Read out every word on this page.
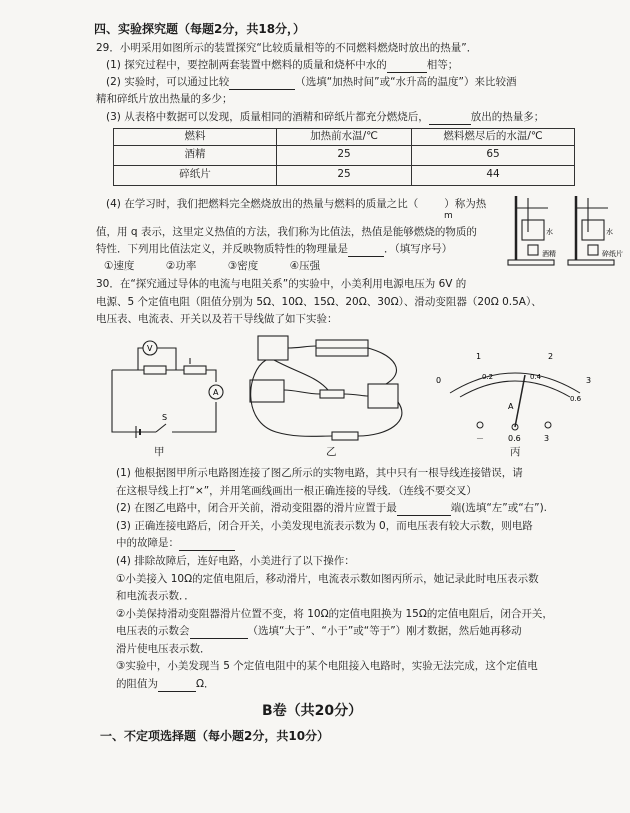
四、实验探究题（每题2分，共18分，）
29．小明采用如图所示的装置探究“比较质量相等的不同燃料燃烧时放出的热量”．
(1) 探究过程中，要控制两套装置中燃料的质量和烧杯中水的	相等；
(2) 实验时，可以通过比较	（选填“加热时间”或“水升高的温度”）来比较酒
精和碎纸片放出热量的多少；
(3) 从表格中数据可以发现，质量相同的酒精和碎纸片都充分燃烧后，	放出的热量多；
燃料	加热前水温/℃	燃料燃尽后的水温/℃
酒精	25	65
碎纸片	25	44
(4) 在学习时，我们把燃料完全燃烧放出的热量与燃料的质量之比（ ）称为热
m
值，用 q 表示，这里定义热值的方法，我们称为比值法，热值是能够燃烧的物质的
特性．下列用比值法定义，并反映物质特性的物理量是	．（填写序号）
①速度　　　②功率　　　③密度　　　④压强
水
酒精
水
碎纸片
30．在“探究通过导体的电流与电阻关系”的实验中，小美利用电源电压为 6V 的
电源、5 个定值电阻（阻值分别为 5Ω、10Ω、15Ω、20Ω、30Ω）、滑动变阻器（20Ω 0.5A）、
电压表、电流表、开关以及若干导线做了如下实验：
V
A
S
甲	乙
0
1	2
3
0.2	0.4
0.6
A
－	0.6	3
丙
(1) 他根据图甲所示电路图连接了图乙所示的实物电路，其中只有一根导线连接错误，请
在这根导线上打“×”，并用笔画线画出一根正确连接的导线．（连线不要交叉）
(2) 在图乙电路中，闭合开关前，滑动变阻器的滑片应置于最	端(选填“左”或“右”).
(3) 正确连接电路后，闭合开关，小美发现电流表示数为 0，而电压表有较大示数，则电路
中的故障是：
(4) 排除故障后，连好电路，小美进行了以下操作：
①小美接入 10Ω的定值电阻后，移动滑片，电流表示数如图丙所示，她记录此时电压表示数
和电流表示数．．
②小美保持滑动变阻器滑片位置不变，将 10Ω的定值电阻换为 15Ω的定值电阻后，闭合开关，
电压表的示数会	（选填“大于”、“小于”或“等于”）刚才数据，然后她再移动
滑片使电压表示数．
③实验中，小美发现当 5 个定值电阻中的某个电阻接入电路时，实验无法完成，这个定值电
的阻值为	Ω．
B卷（共20分）
一、不定项选择题（每小题2分，共10分）
